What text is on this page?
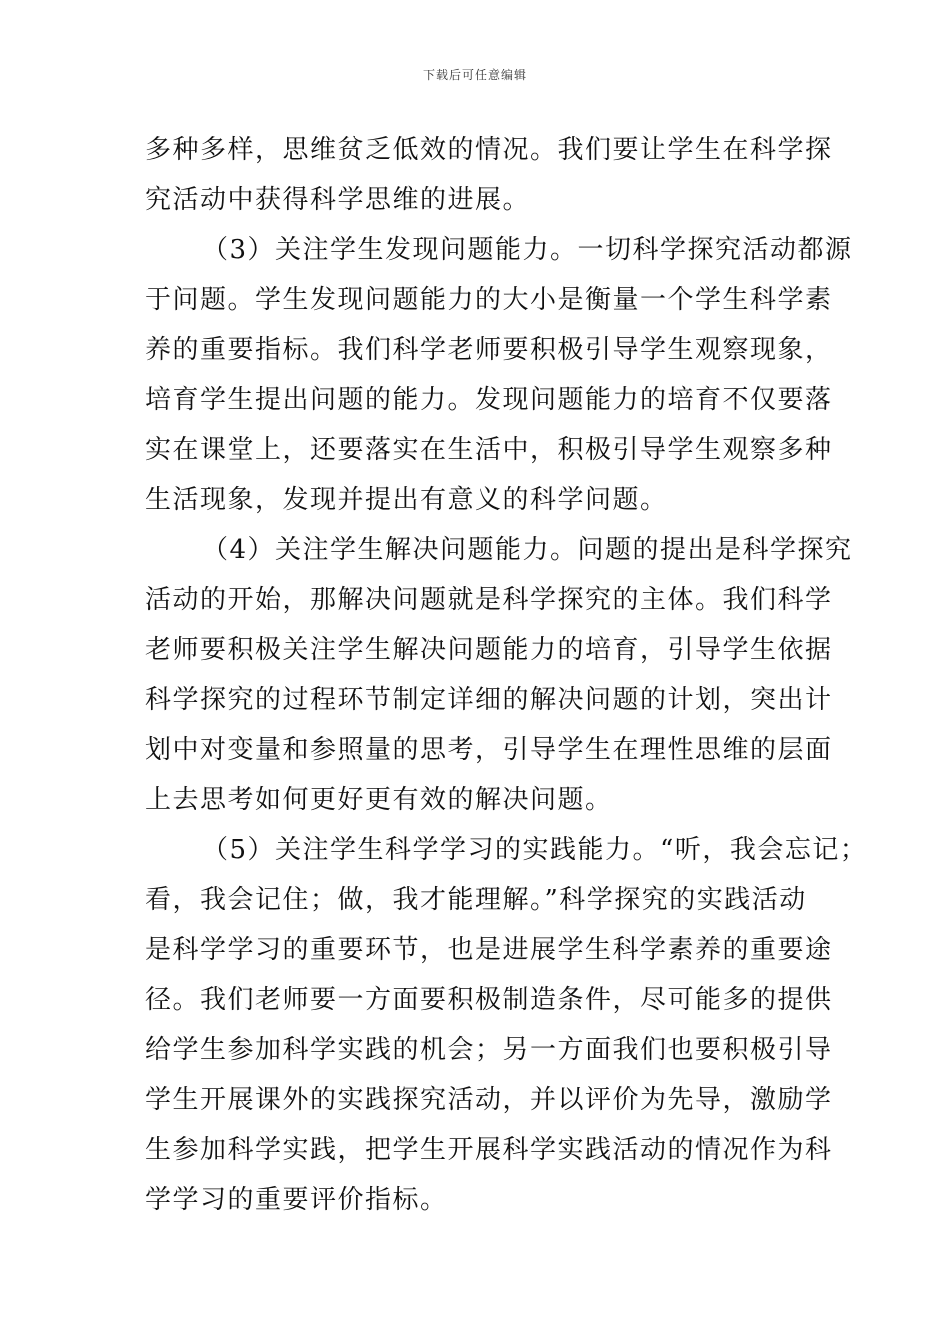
下载后可任意编辑
多种多样，思维贫乏低效的情况。我们要让学生在科学探
究活动中获得科学思维的进展。
（3）关注学生发现问题能力。一切科学探究活动都源
于问题。学生发现问题能力的大小是衡量一个学生科学素
养的重要指标。我们科学老师要积极引导学生观察现象，
培育学生提出问题的能力。发现问题能力的培育不仅要落
实在课堂上，还要落实在生活中，积极引导学生观察多种
生活现象，发现并提出有意义的科学问题。
（4）关注学生解决问题能力。问题的提出是科学探究
活动的开始，那解决问题就是科学探究的主体。我们科学
老师要积极关注学生解决问题能力的培育，引导学生依据
科学探究的过程环节制定详细的解决问题的计划，突出计
划中对变量和参照量的思考，引导学生在理性思维的层面
上去思考如何更好更有效的解决问题。
（5）关注学生科学学习的实践能力。“听，我会忘记；
看，我会记住；做，我才能理解。”科学探究的实践活动
是科学学习的重要环节，也是进展学生科学素养的重要途
径。我们老师要一方面要积极制造条件，尽可能多的提供
给学生参加科学实践的机会；另一方面我们也要积极引导
学生开展课外的实践探究活动，并以评价为先导，激励学
生参加科学实践，把学生开展科学实践活动的情况作为科
学学习的重要评价指标。
